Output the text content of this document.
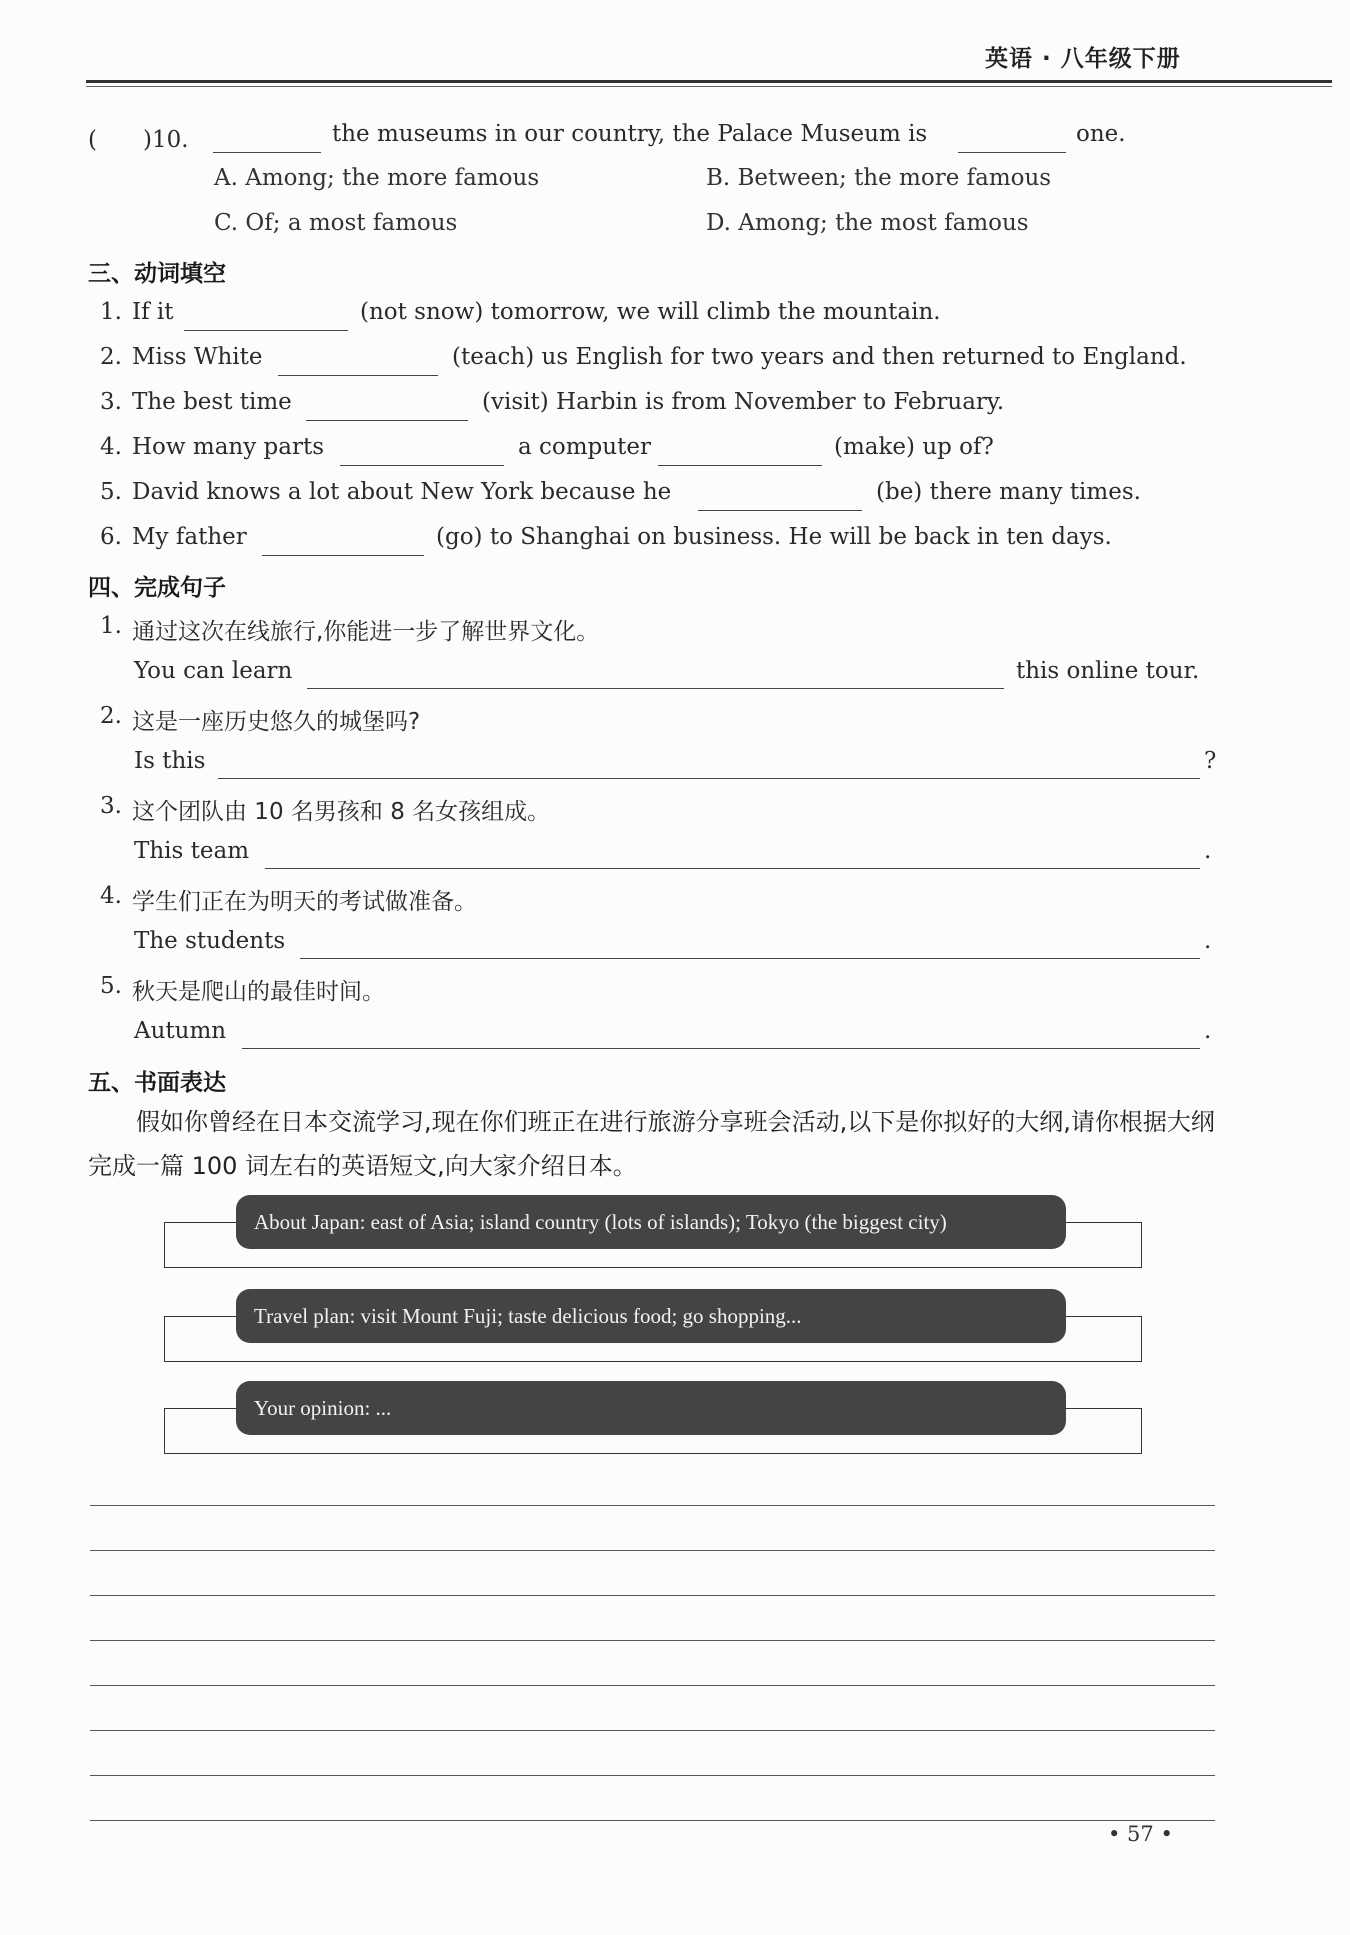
英语 · 八年级下册
(　　)10.	the museums in our country, the Palace Museum is	one.
A. Among; the more famous	B. Between; the more famous
C. Of; a most famous	D. Among; the most famous
三、动词填空
1. If it	(not snow) tomorrow, we will climb the mountain.
2. Miss White	(teach) us English for two years and then returned to England.
3. The best time	(visit) Harbin is from November to February.
4. How many parts	a computer	(make) up of?
5. David knows a lot about New York because he	(be) there many times.
6. My father	(go) to Shanghai on business. He will be back in ten days.
四、完成句子
1. 通过这次在线旅行,你能进一步了解世界文化。
You can learn	this online tour.
2. 这是一座历史悠久的城堡吗?
Is this	?
3. 这个团队由 10 名男孩和 8 名女孩组成。
This team	.
4. 学生们正在为明天的考试做准备。
The students	.
5. 秋天是爬山的最佳时间。
Autumn	.
五、书面表达
假如你曾经在日本交流学习,现在你们班正在进行旅游分享班会活动,以下是你拟好的大纲,请你根据大纲完成一篇 100 词左右的英语短文,向大家介绍日本。
About Japan: east of Asia; island country (lots of islands); Tokyo (the biggest city)
Travel plan: visit Mount Fuji; taste delicious food; go shopping...
Your opinion: ...
• 57 •
